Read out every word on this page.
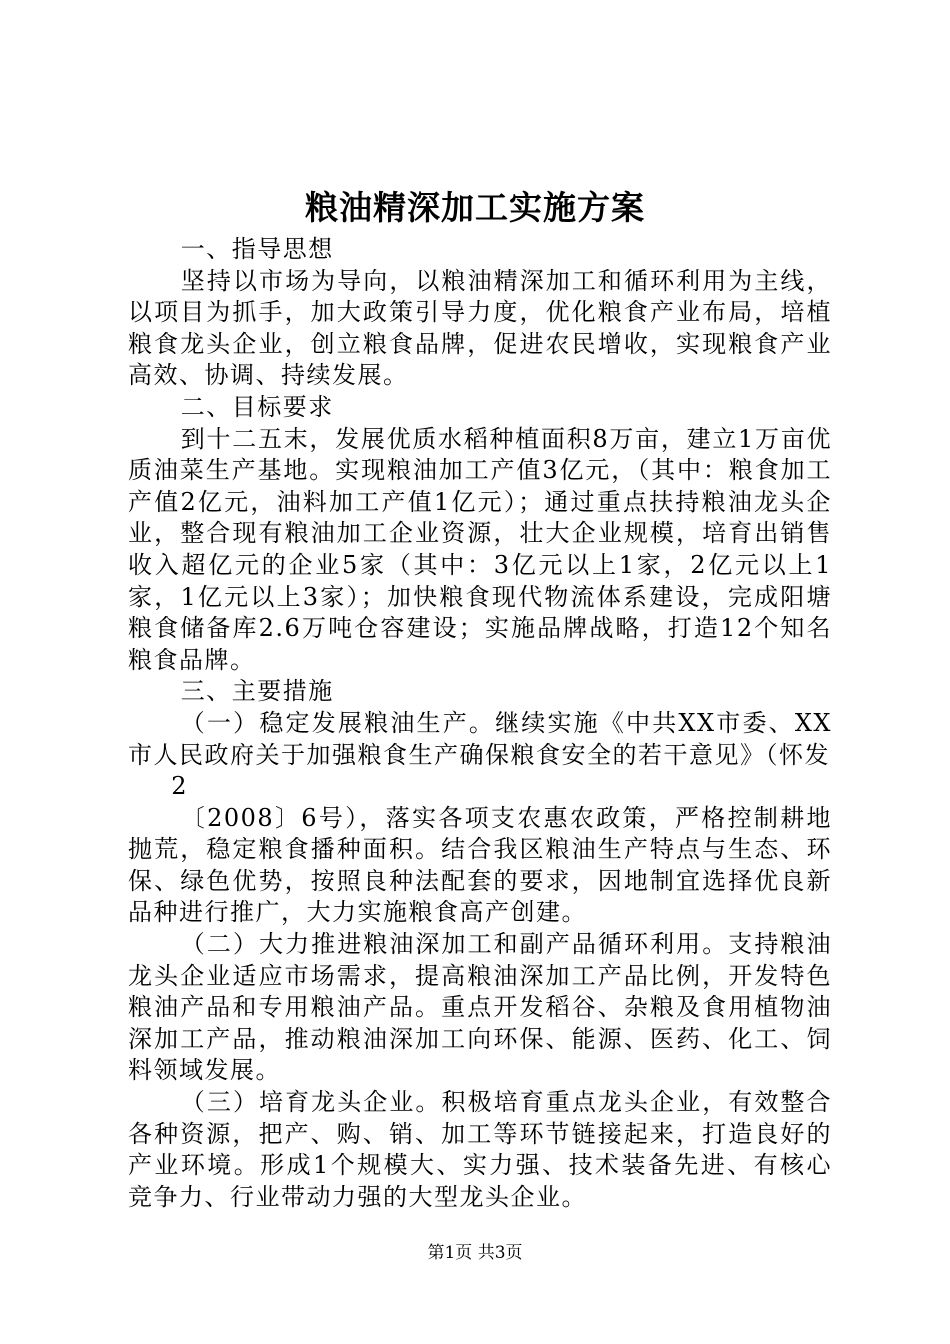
粮油精深加工实施方案

一、指导思想

坚持以市场为导向，以粮油精深加工和循环利用为主线，以项目为抓手，加大政策引导力度，优化粮食产业布局，培植粮食龙头企业，创立粮食品牌，促进农民增收，实现粮食产业高效、协调、持续发展。

二、目标要求

到十二五末，发展优质水稻种植面积8万亩，建立1万亩优质油菜生产基地。实现粮油加工产值3亿元，（其中：粮食加工产值2亿元，油料加工产值1亿元）；通过重点扶持粮油龙头企业，整合现有粮油加工企业资源，壮大企业规模，培育出销售收入超亿元的企业5家（其中：3亿元以上1家，2亿元以上1家，1亿元以上3家）；加快粮食现代物流体系建设，完成阳塘粮食储备库2.6万吨仓容建设；实施品牌战略，打造12个知名粮食品牌。

三、主要措施

（一）稳定发展粮油生产。继续实施《中共XX市委、XX市人民政府关于加强粮食生产确保粮食安全的若干意见》（怀发

2

〔2008〕6号），落实各项支农惠农政策，严格控制耕地抛荒，稳定粮食播种面积。结合我区粮油生产特点与生态、环保、绿色优势，按照良种法配套的要求，因地制宜选择优良新品种进行推广，大力实施粮食高产创建。

（二）大力推进粮油深加工和副产品循环利用。支持粮油龙头企业适应市场需求，提高粮油深加工产品比例，开发特色粮油产品和专用粮油产品。重点开发稻谷、杂粮及食用植物油深加工产品，推动粮油深加工向环保、能源、医药、化工、饲料领域发展。

（三）培育龙头企业。积极培育重点龙头企业，有效整合各种资源，把产、购、销、加工等环节链接起来，打造良好的产业环境。形成1个规模大、实力强、技术装备先进、有核心竞争力、行业带动力强的大型龙头企业。

第1页 共3页
